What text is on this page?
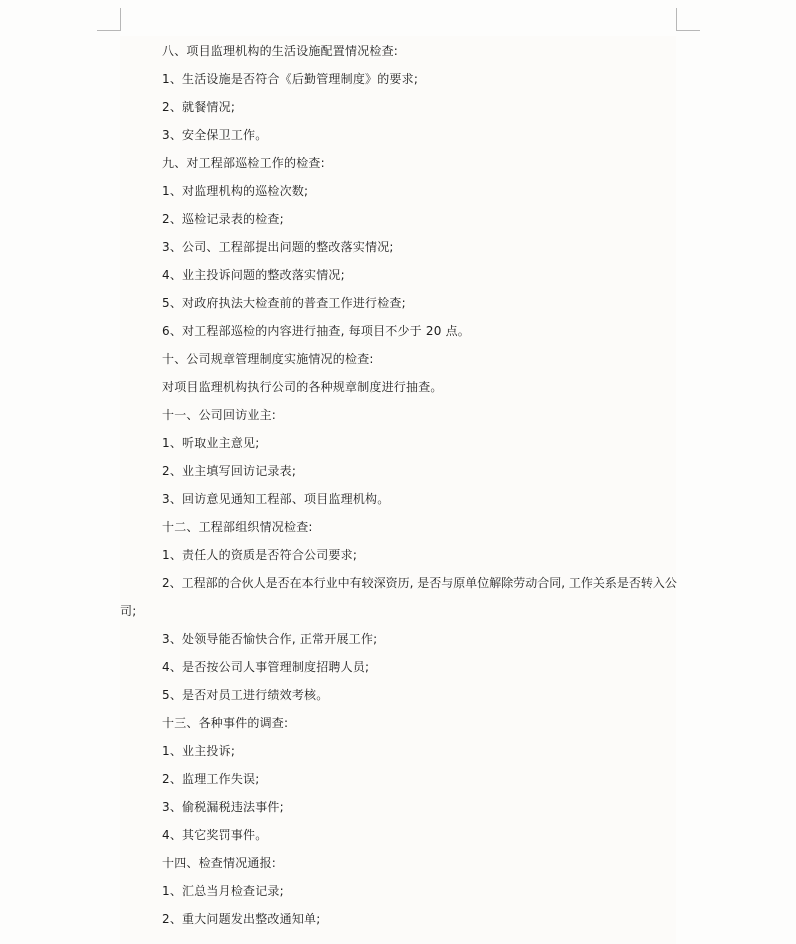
八、项目监理机构的生活设施配置情况检查:
1、生活设施是否符合《后勤管理制度》的要求;
2、就餐情况;
3、安全保卫工作。
九、对工程部巡检工作的检查:
1、对监理机构的巡检次数;
2、巡检记录表的检查;
3、公司、工程部提出问题的整改落实情况;
4、业主投诉问题的整改落实情况;
5、对政府执法大检查前的普查工作进行检查;
6、对工程部巡检的内容进行抽查, 每项目不少于 20 点。
十、公司规章管理制度实施情况的检查:
对项目监理机构执行公司的各种规章制度进行抽查。
十一、公司回访业主:
1、听取业主意见;
2、业主填写回访记录表;
3、回访意见通知工程部、项目监理机构。
十二、工程部组织情况检查:
1、责任人的资质是否符合公司要求;
2、工程部的合伙人是否在本行业中有较深资历, 是否与原单位解除劳动合同, 工作关系是否转入公
司;
3、处领导能否愉快合作, 正常开展工作;
4、是否按公司人事管理制度招聘人员;
5、是否对员工进行绩效考核。
十三、各种事件的调查:
1、业主投诉;
2、监理工作失误;
3、偷税漏税违法事件;
4、其它奖罚事件。
十四、检查情况通报:
1、汇总当月检查记录;
2、重大问题发出整改通知单;
